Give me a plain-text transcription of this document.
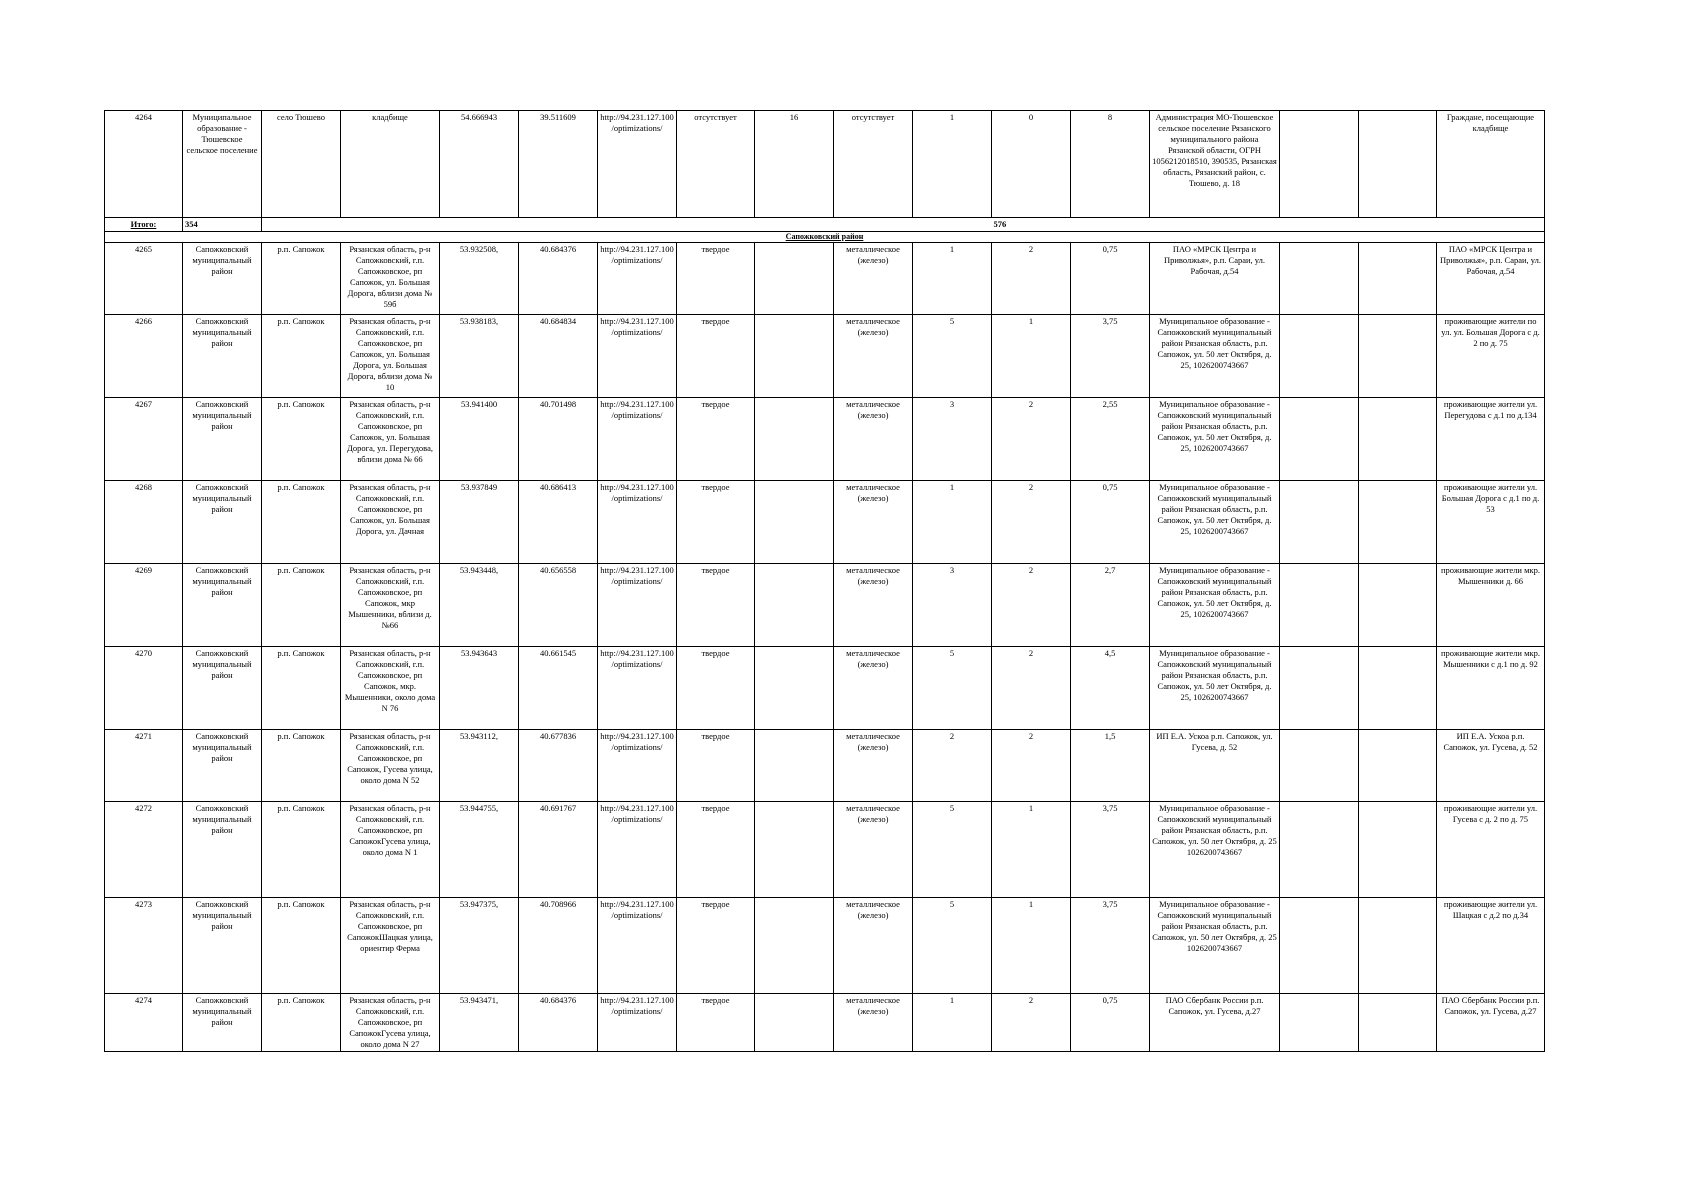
4264	Муниципальное образование - Тюшевское сельское поселение	село Тюшево	кладбище	54.666943	39.511609	http://94.231.127.100/optimizations/	отсутствует	16	отсутствует	1	0	8	Администрация МО-Тюшевское сельское поселение Рязанского муниципального района Рязанской области, ОГРН 1056212018510, 390535, Рязанская область, Рязанский район, с. Тюшево, д. 18			Граждане, посещающие кладбище
Итого:	354										576					
Сапожковский район																
4265	Сапожковский муниципальный район	р.п. Сапожок	Рязанская область, р-н Сапожковский, г.п. Сапожковское, рп Сапожок, ул. Большая Дорога, вблизи дома № 59б	53.932508,	40.684376	http://94.231.127.100/optimizations/	твердое		металлическое (железо)	1	2	0,75	ПАО «МРСК Центра и Приволжья», р.п. Сараи, ул. Рабочая, д.54			ПАО «МРСК Центра и Приволжья», р.п. Сараи, ул. Рабочая, д.54
4266	Сапожковский муниципальный район	р.п. Сапожок	Рязанская область, р-н Сапожковский, г.п. Сапожковское, рп Сапожок, ул. Большая Дорога, ул. Большая Дорога, вблизи дома № 10	53.938183,	40.684834	http://94.231.127.100/optimizations/	твердое		металлическое (железо)	5	1	3,75	Муниципальное образование - Сапожковский муниципальный район Рязанская область, р.п. Сапожок, ул. 50 лет Октября, д. 25, 1026200743667			проживающие жители по ул. ул. Большая Дорога с д. 2 по д. 75
4267	Сапожковский муниципальный район	р.п. Сапожок	Рязанская область, р-н Сапожковский, г.п. Сапожковское, рп Сапожок, ул. Большая Дорога, ул. Перегудова, вблизи дома № 66	53.941400	40.701498	http://94.231.127.100/optimizations/	твердое		металлическое (железо)	3	2	2,55	Муниципальное образование - Сапожковский муниципальный район Рязанская область, р.п. Сапожок, ул. 50 лет Октября, д. 25, 1026200743667			проживающие жители ул. Перегудова с д.1 по д.134
4268	Сапожковский муниципальный район	р.п. Сапожок	Рязанская область, р-н Сапожковский, г.п. Сапожковское, рп Сапожок, ул. Большая Дорога, ул. Дачная	53.937849	40.686413	http://94.231.127.100/optimizations/	твердое		металлическое (железо)	1	2	0,75	Муниципальное образование - Сапожковский муниципальный район Рязанская область, р.п. Сапожок, ул. 50 лет Октября, д. 25, 1026200743667			проживающие жители ул. Большая Дорога с д.1 по д. 53
4269	Сапожковский муниципальный район	р.п. Сапожок	Рязанская область, р-н Сапожковский, г.п. Сапожковское, рп Сапожок, мкр Мышенники, вблизи д. №66	53.943448,	40.656558	http://94.231.127.100/optimizations/	твердое		металлическое (железо)	3	2	2,7	Муниципальное образование - Сапожковский муниципальный район Рязанская область, р.п. Сапожок, ул. 50 лет Октября, д. 25, 1026200743667			проживающие жители мкр. Мышенники д. 66
4270	Сапожковский муниципальный район	р.п. Сапожок	Рязанская область, р-н Сапожковский, г.п. Сапожковское, рп Сапожок, мкр. Мышенники, около дома N 76	53.943643	40.661545	http://94.231.127.100/optimizations/	твердое		металлическое (железо)	5	2	4,5	Муниципальное образование - Сапожковский муниципальный район Рязанская область, р.п. Сапожок, ул. 50 лет Октября, д. 25, 1026200743667			проживающие жители мкр. Мышенники с д.1 по д. 92
4271	Сапожковский муниципальный район	р.п. Сапожок	Рязанская область, р-н Сапожковский, г.п. Сапожковское, рп Сапожок, Гусева улица, около дома N 52	53.943112,	40.677836	http://94.231.127.100/optimizations/	твердое		металлическое (железо)	2	2	1,5	ИП Е.А. Ускоа р.п. Сапожок, ул. Гусева, д. 52			ИП Е.А. Ускоа р.п. Сапожок, ул. Гусева, д. 52
4272	Сапожковский муниципальный район	р.п. Сапожок	Рязанская область, р-н Сапожковский, г.п. Сапожковское, рп СапожокГусева улица, около дома N 1	53.944755,	40.691767	http://94.231.127.100/optimizations/	твердое		металлическое (железо)	5	1	3,75	Муниципальное образование - Сапожковский муниципальный район Рязанская область, р.п. Сапожок, ул. 50 лет Октября, д. 25 1026200743667			проживающие жители ул. Гусева с д. 2 по д. 75
4273	Сапожковский муниципальный район	р.п. Сапожок	Рязанская область, р-н Сапожковский, г.п. Сапожковское, рп СапожокШацкая улица, ориентир Ферма	53.947375,	40.708966	http://94.231.127.100/optimizations/	твердое		металлическое (железо)	5	1	3,75	Муниципальное образование - Сапожковский муниципальный район Рязанская область, р.п. Сапожок, ул. 50 лет Октября, д. 25 1026200743667			проживающие жители ул. Шацкая с д.2 по д.34
4274	Сапожковский муниципальный район	р.п. Сапожок	Рязанская область, р-н Сапожковский, г.п. Сапожковское, рп СапожокГусева улица, около дома N 27	53.943471,	40.684376	http://94.231.127.100/optimizations/	твердое		металлическое (железо)	1	2	0,75	ПАО Сбербанк России р.п. Сапожок, ул. Гусева, д.27			ПАО Сбербанк России р.п. Сапожок, ул. Гусева, д.27
